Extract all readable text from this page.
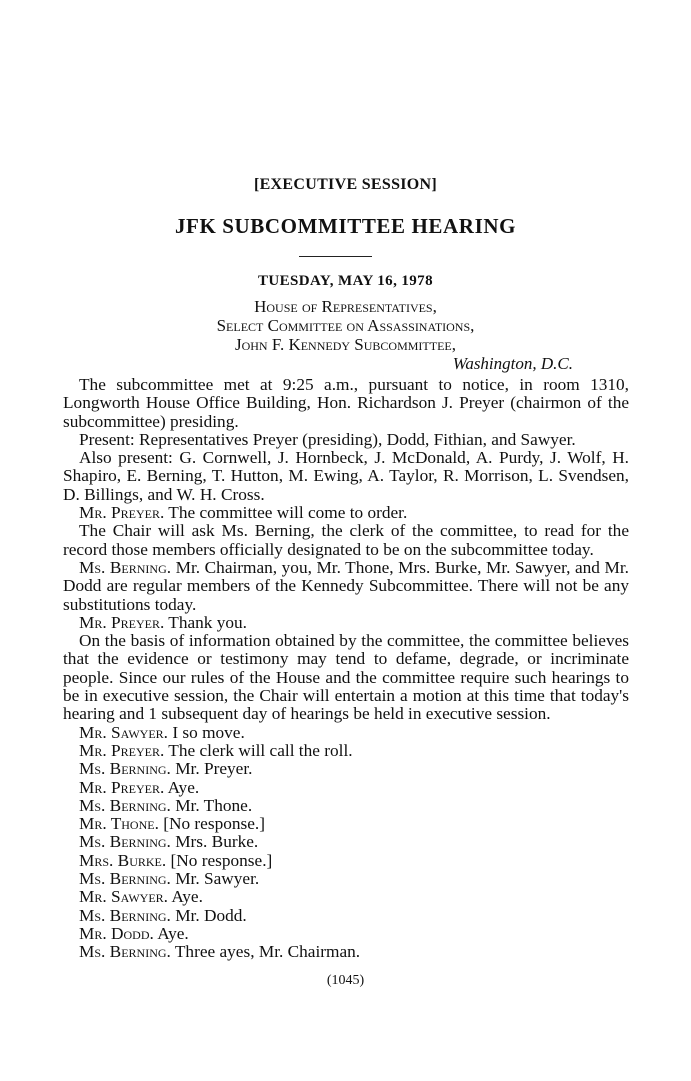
[EXECUTIVE SESSION]
JFK SUBCOMMITTEE HEARING
TUESDAY, MAY 16, 1978
House of Representatives,
Select Committee on Assassinations,
John F. Kennedy Subcommittee,
Washington, D.C.

The subcommittee met at 9:25 a.m., pursuant to notice, in room 1310, Longworth House Office Building, Hon. Richardson J. Preyer (chairmon of the subcommittee) presiding.

Present: Representatives Preyer (presiding), Dodd, Fithian, and Sawyer.

Also present: G. Cornwell, J. Hornbeck, J. McDonald, A. Purdy, J. Wolf, H. Shapiro, E. Berning, T. Hutton, M. Ewing, A. Taylor, R. Morrison, L. Svendsen, D. Billings, and W. H. Cross.

Mr. Preyer. The committee will come to order.

The Chair will ask Ms. Berning, the clerk of the committee, to read for the record those members officially designated to be on the subcommittee today.

Ms. Berning. Mr. Chairman, you, Mr. Thone, Mrs. Burke, Mr. Sawyer, and Mr. Dodd are regular members of the Kennedy Subcommittee. There will not be any substitutions today.

Mr. Preyer. Thank you.

On the basis of information obtained by the committee, the committee believes that the evidence or testimony may tend to defame, degrade, or incriminate people. Since our rules of the House and the committee require such hearings to be in executive session, the Chair will entertain a motion at this time that today's hearing and 1 subsequent day of hearings be held in executive session.

Mr. Sawyer. I so move.

Mr. Preyer. The clerk will call the roll.

Ms. Berning. Mr. Preyer.

Mr. Preyer. Aye.

Ms. Berning. Mr. Thone.

Mr. Thone. [No response.]

Ms. Berning. Mrs. Burke.

Mrs. Burke. [No response.]

Ms. Berning. Mr. Sawyer.

Mr. Sawyer. Aye.

Ms. Berning. Mr. Dodd.

Mr. Dodd. Aye.

Ms. Berning. Three ayes, Mr. Chairman.

(1045)
